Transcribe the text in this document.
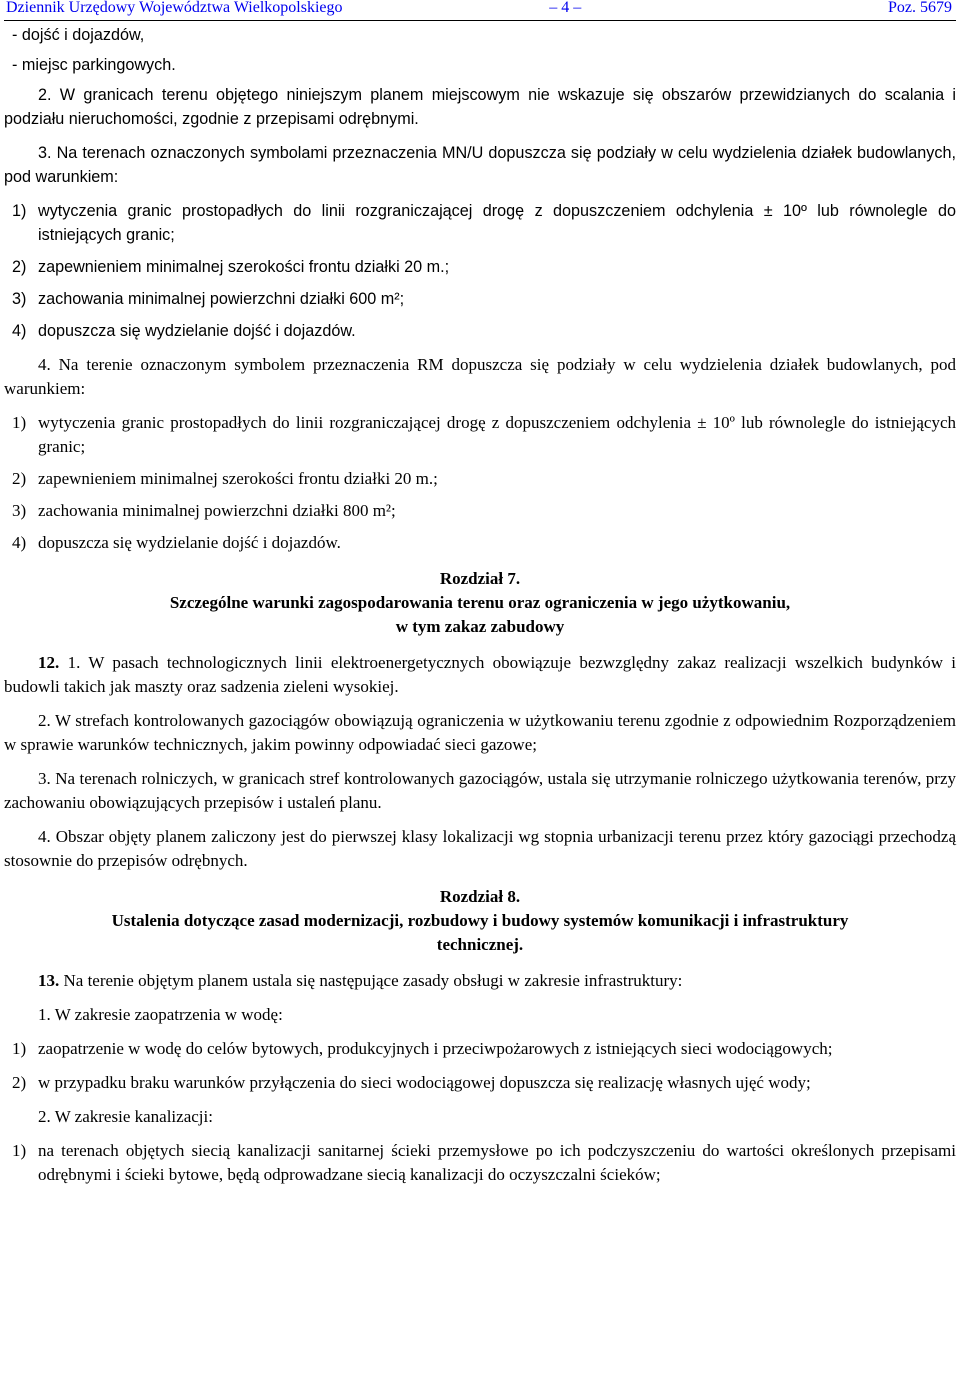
Dziennik Urzędowy Województwa Wielkopolskiego	– 4 –	Poz. 5679

- dojść i dojazdów,

- miejsc parkingowych.

2. W granicach terenu objętego niniejszym planem miejscowym nie wskazuje się obszarów przewidzianych do scalania i podziału nieruchomości, zgodnie z przepisami odrębnymi.

3. Na terenach oznaczonych symbolami przeznaczenia MN/U dopuszcza się podziały w celu wydzielenia działek budowlanych, pod warunkiem:

1) wytyczenia granic prostopadłych do linii rozgraniczającej drogę z dopuszczeniem odchylenia ± 10º lub równolegle do istniejących granic;
2) zapewnieniem minimalnej szerokości frontu działki 20 m.;
3) zachowania minimalnej powierzchni działki 600 m²;
4) dopuszcza się wydzielanie dojść i dojazdów.

4. Na terenie oznaczonym symbolem przeznaczenia RM dopuszcza się podziały w celu wydzielenia działek budowlanych, pod warunkiem:

1) wytyczenia granic prostopadłych do linii rozgraniczającej drogę z dopuszczeniem odchylenia ± 10º lub równolegle do istniejących granic;
2) zapewnieniem minimalnej szerokości frontu działki 20 m.;
3) zachowania minimalnej powierzchni działki 800 m²;
4) dopuszcza się wydzielanie dojść i dojazdów.

Rozdział 7.

Szczególne warunki zagospodarowania terenu oraz ograniczenia w jego użytkowaniu,

w tym zakaz zabudowy

12. 1. W pasach technologicznych linii elektroenergetycznych obowiązuje bezwzględny zakaz realizacji wszelkich budynków i budowli takich jak maszty oraz sadzenia zieleni wysokiej.

2. W strefach kontrolowanych gazociągów obowiązują ograniczenia w użytkowaniu terenu zgodnie z odpowiednim Rozporządzeniem w sprawie warunków technicznych, jakim powinny odpowiadać sieci gazowe;

3. Na terenach rolniczych, w granicach stref kontrolowanych gazociągów, ustala się utrzymanie rolniczego użytkowania terenów, przy zachowaniu obowiązujących przepisów i ustaleń planu.

4. Obszar objęty planem zaliczony jest do pierwszej klasy lokalizacji wg stopnia urbanizacji terenu przez który gazociągi przechodzą stosownie do przepisów odrębnych.

Rozdział 8.

Ustalenia dotyczące zasad modernizacji, rozbudowy i budowy systemów komunikacji i infrastruktury

technicznej.

13. Na terenie objętym planem ustala się następujące zasady obsługi w zakresie infrastruktury:

1. W zakresie zaopatrzenia w wodę:

1) zaopatrzenie w wodę do celów bytowych, produkcyjnych i przeciwpożarowych z istniejących sieci wodociągowych;
2) w przypadku braku warunków przyłączenia do sieci wodociągowej dopuszcza się realizację własnych ujęć wody;

2. W zakresie kanalizacji:

1) na terenach objętych siecią kanalizacji sanitarnej ścieki przemysłowe po ich podczyszczeniu do wartości określonych przepisami odrębnymi i ścieki bytowe, będą odprowadzane siecią kanalizacji do oczyszczalni ścieków;
